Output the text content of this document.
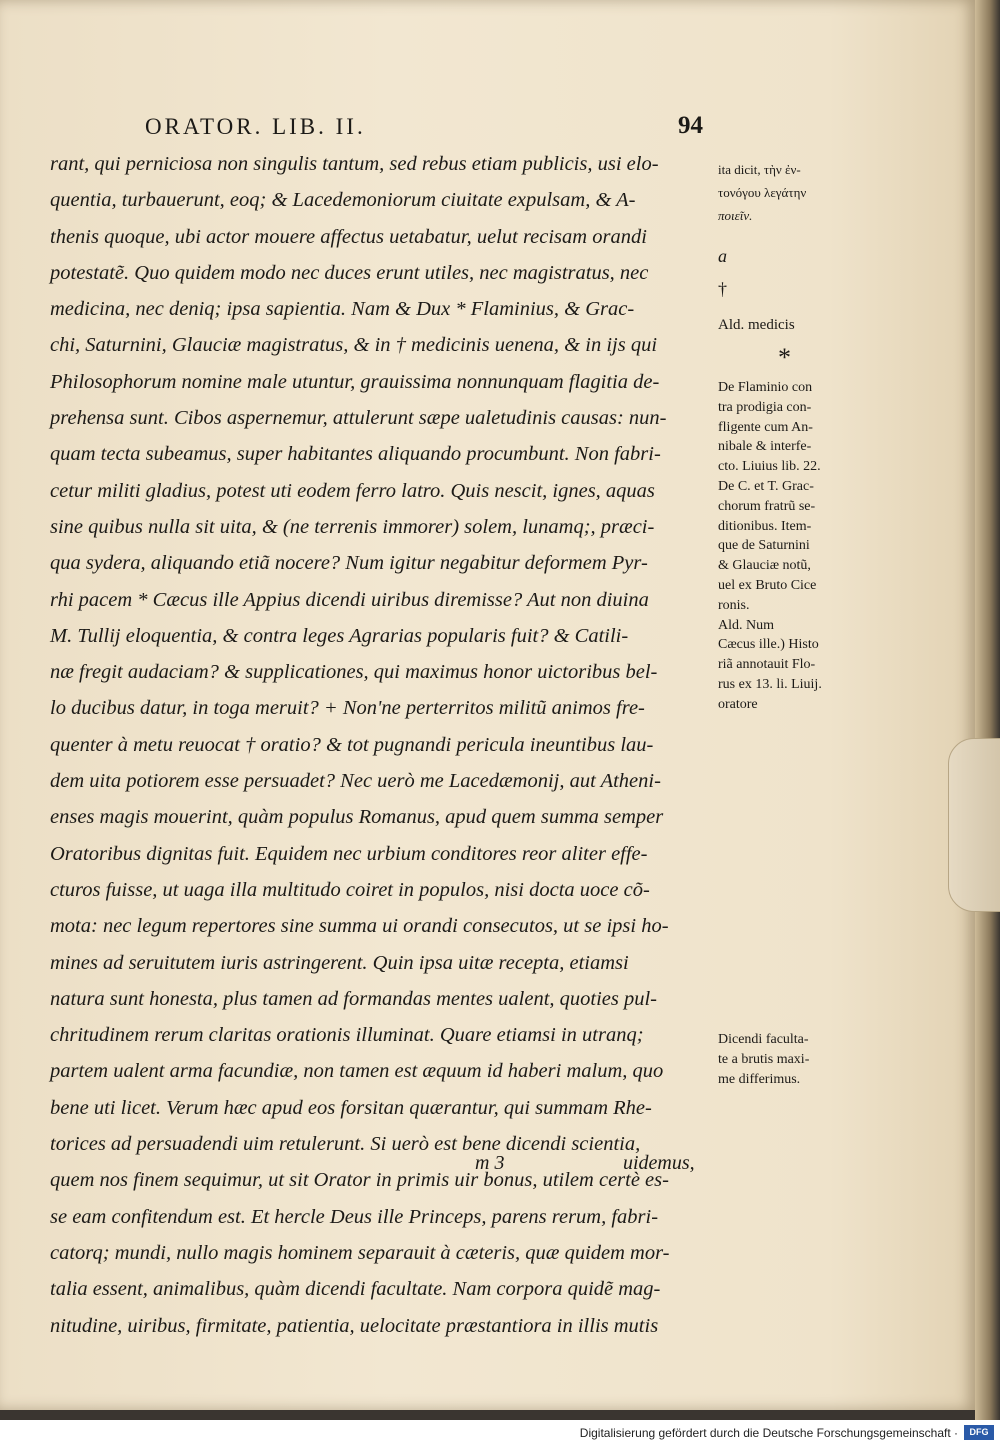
ORATOR. LIB. II.	94
rant, qui perniciosa non singulis tantum, sed rebus etiam publicis, usi elo-
quentia, turbauerunt, eoq; & Lacedemoniorum ciuitate expulsam, & A-
thenis quoque, ubi actor mouere affectus uetabatur, uelut recisam orandi
potestatẽ. Quo quidem modo nec duces erunt utiles, nec magistratus, nec
medicina, nec deniq; ipsa sapientia. Nam & Dux * Flaminius, & Grac-
chi, Saturnini, Glauciæ magistratus, & in † medicinis uenena, & in ijs qui
Philosophorum nomine male utuntur, grauissima nonnunquam flagitia de-
prehensa sunt. Cibos aspernemur, attulerunt sæpe ualetudinis causas: nun-
quam tecta subeamus, super habitantes aliquando procumbunt. Non fabri-
cetur militi gladius, potest uti eodem ferro latro. Quis nescit, ignes, aquas
sine quibus nulla sit uita, & (ne terrenis immorer) solem, lunamq;, præci-
qua sydera, aliquando etiã nocere? Num igitur negabitur deformem Pyr-
rhi pacem * Cæcus ille Appius dicendi uiribus diremisse? Aut non diuina
M. Tullij eloquentia, & contra leges Agrarias popularis fuit? & Catili-
næ fregit audaciam? & supplicationes, qui maximus honor uictoribus bel-
lo ducibus datur, in toga meruit? + Non'ne perterritos militũ animos fre-
quenter à metu reuocat † oratio? & tot pugnandi pericula ineuntibus lau-
dem uita potiorem esse persuadet? Nec uerò me Lacedæmonij, aut Atheni-
enses magis mouerint, quàm populus Romanus, apud quem summa semper
Oratoribus dignitas fuit. Equidem nec urbium conditores reor aliter effe-
cturos fuisse, ut uaga illa multitudo coiret in populos, nisi docta uoce cõ-
mota: nec legum repertores sine summa ui orandi consecutos, ut se ipsi ho-
mines ad seruitutem iuris astringerent. Quin ipsa uitæ recepta, etiamsi
natura sunt honesta, plus tamen ad formandas mentes ualent, quoties pul-
chritudinem rerum claritas orationis illuminat. Quare etiamsi in utranq;
partem ualent arma facundiæ, non tamen est æquum id haberi malum, quo
bene uti licet. Verum hæc apud eos forsitan quærantur, qui summam Rhe-
torices ad persuadendi uim retulerunt. Si uerò est bene dicendi scientia,
quem nos finem sequimur, ut sit Orator in primis uir bonus, utilem certè es-
se eam confitendum est. Et hercle Deus ille Princeps, parens rerum, fabri-
catorq; mundi, nullo magis hominem separauit à cæteris, quæ quidem mor-
talia essent, animalibus, quàm dicendi facultate. Nam corpora quidẽ mag-
nitudine, uiribus, firmitate, patientia, uelocitate præstantiora in illis mutis
ita dicit, τὴν ἐν-
τονόγου λεγάτην
ποιεῖν.
a
†
Ald. medicis
*
De Flaminio con
tra prodigia con-
fligente cum An-
nibale & interfe-
cto. Liuius lib. 22.
De C. et T. Grac-
chorum fratrũ se-
ditionibus. Item-
que de Saturnini
& Glauciæ notũ,
uel ex Bruto Cice
ronis.
Ald. Num
Cæcus ille.) Histo
riã annotauit Flo-
rus ex 13. li. Liuij.
oratore
Dicendi faculta-
te a brutis maxi-
me differimus.
m 3	uidemus,
Digitalisierung gefördert durch die Deutsche Forschungsgemeinschaft ·	DFG
